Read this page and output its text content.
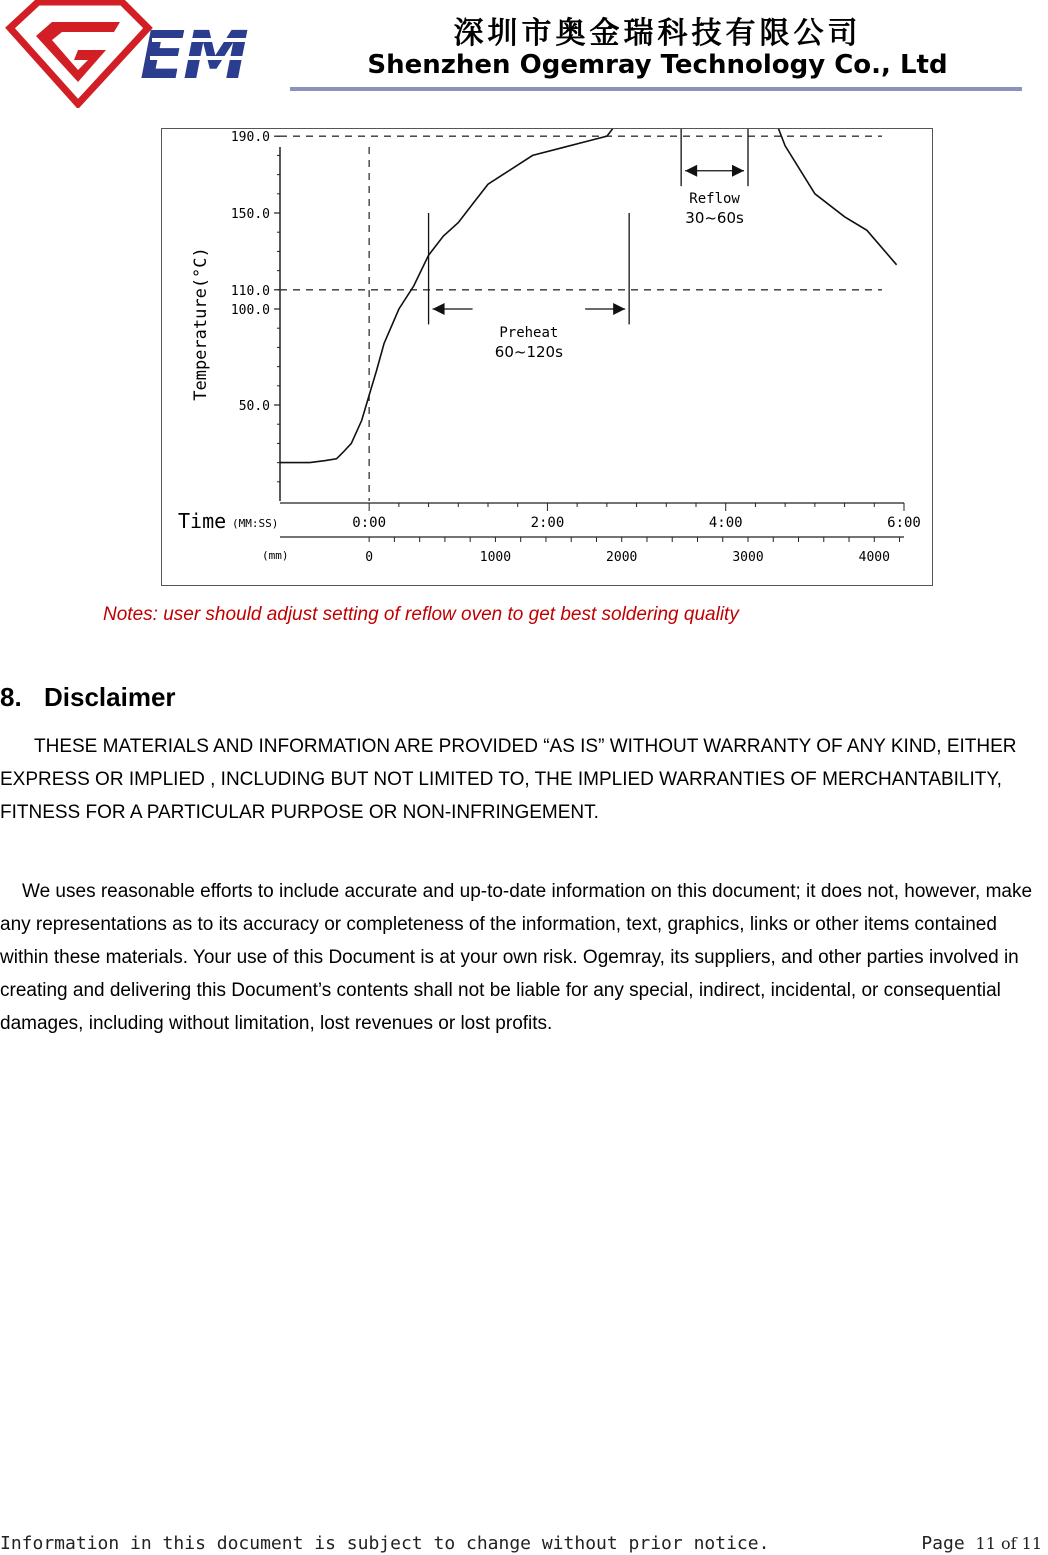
EM	深圳市奥金瑞科技有限公司
Shenzhen Ogemray Technology Co., Ltd
190.0
150.0
110.0
100.0
50.0
Temperature(°C)
0:00	2:00	4:00	6:00
Time (MM:SS)
0	1000	2000	3000	4000
(mm)
Preheat
60~120s
Reflow
30~60s
Notes: user should adjust setting of reflow oven to get best soldering quality
8. Disclaimer

THESE MATERIALS AND INFORMATION ARE PROVIDED “AS IS” WITHOUT WARRANTY OF ANY KIND, EITHER EXPRESS OR IMPLIED , INCLUDING BUT NOT LIMITED TO, THE IMPLIED WARRANTIES OF MERCHANTABILITY, FITNESS FOR A PARTICULAR PURPOSE OR NON-INFRINGEMENT.

We uses reasonable efforts to include accurate and up-to-date information on this document; it does not, however, make any representations as to its accuracy or completeness of the information, text, graphics, links or other items contained within these materials. Your use of this Document is at your own risk. Ogemray, its suppliers, and other parties involved in creating and delivering this Document’s contents shall not be liable for any special, indirect, incidental, or consequential damages, including without limitation, lost revenues or lost profits.

Information in this document is subject to change without prior notice.	Page 11 of 11
